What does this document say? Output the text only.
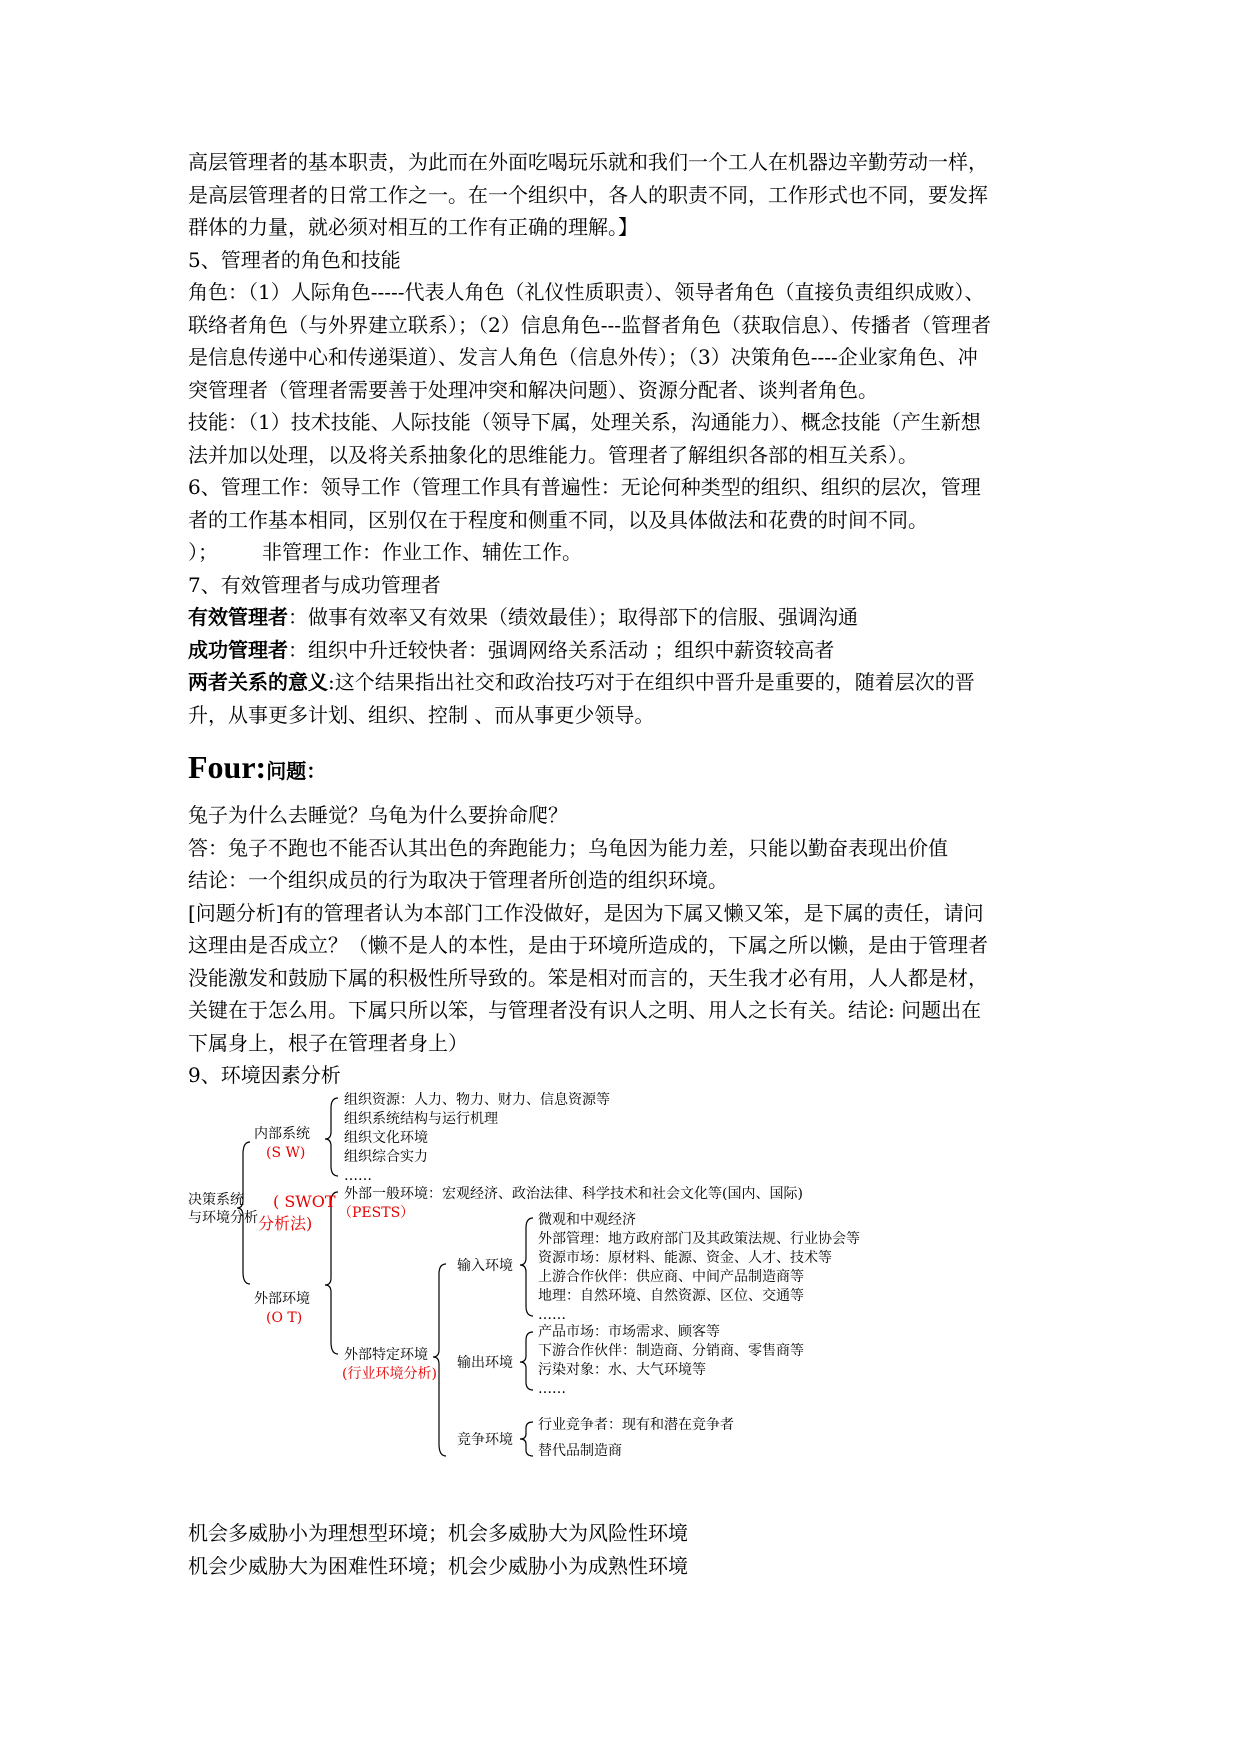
高层管理者的基本职责，为此而在外面吃喝玩乐就和我们一个工人在机器边辛勤劳动一样，

是高层管理者的日常工作之一。在一个组织中，各人的职责不同，工作形式也不同，要发挥

群体的力量，就必须对相互的工作有正确的理解。】

5、管理者的角色和技能

角色：（1）人际角色-----代表人角色（礼仪性质职责）、领导者角色（直接负责组织成败）、

联络者角色（与外界建立联系）；（2）信息角色---监督者角色（获取信息）、传播者（管理者

是信息传递中心和传递渠道）、发言人角色（信息外传）；（3）决策角色----企业家角色、冲

突管理者（管理者需要善于处理冲突和解决问题）、资源分配者、谈判者角色。

技能：（1）技术技能、人际技能（领导下属，处理关系，沟通能力）、概念技能（产生新想

法并加以处理，以及将关系抽象化的思维能力。管理者了解组织各部的相互关系）。

6、管理工作：领导工作（管理工作具有普遍性：无论何种类型的组织、组织的层次，管理

者的工作基本相同，区别仅在于程度和侧重不同，以及具体做法和花费的时间不同。

）； 非管理工作：作业工作、辅佐工作。

7、有效管理者与成功管理者

有效管理者：做事有效率又有效果（绩效最佳）；取得部下的信服、强调沟通

成功管理者：组织中升迁较快者：强调网络关系活动 ；组织中薪资较高者

两者关系的意义:这个结果指出社交和政治技巧对于在组织中晋升是重要的，随着层次的晋

升，从事更多计划、组织、控制 、而从事更少领导。

Four:问题：

兔子为什么去睡觉？乌龟为什么要拚命爬？

答：兔子不跑也不能否认其出色的奔跑能力；乌龟因为能力差，只能以勤奋表现出价值

结论：一个组织成员的行为取决于管理者所创造的组织环境。

[问题分析]有的管理者认为本部门工作没做好，是因为下属又懒又笨，是下属的责任，请问

这理由是否成立？（懒不是人的本性，是由于环境所造成的，下属之所以懒，是由于管理者

没能激发和鼓励下属的积极性所导致的。笨是相对而言的，天生我才必有用，人人都是材，

关键在于怎么用。下属只所以笨，与管理者没有识人之明、用人之长有关。结论: 问题出在

下属身上，根子在管理者身上）

9、环境因素分析

决策系统
与环境分析
( SWOT
分析法)
内部系统
(S W)
组织资源：人力、物力、财力、信息资源等
组织系统结构与运行机理
组织文化环境
组织综合实力
……
外部环境
(O T)
外部一般环境：宏观经济、政治法律、科学技术和社会文化等(国内、国际)
（PESTS）
外部特定环境
(行业环境分析)
输入环境
微观和中观经济
外部管理：地方政府部门及其政策法规、行业协会等
资源市场：原材料、能源、资金、人才、技术等
上游合作伙伴：供应商、中间产品制造商等
地理：自然环境、自然资源、区位、交通等
……
输出环境
产品市场：市场需求、顾客等
下游合作伙伴：制造商、分销商、零售商等
污染对象：水、大气环境等
……
竞争环境
行业竞争者：现有和潜在竞争者
替代品制造商

机会多威胁小为理想型环境；机会多威胁大为风险性环境

机会少威胁大为困难性环境；机会少威胁小为成熟性环境
